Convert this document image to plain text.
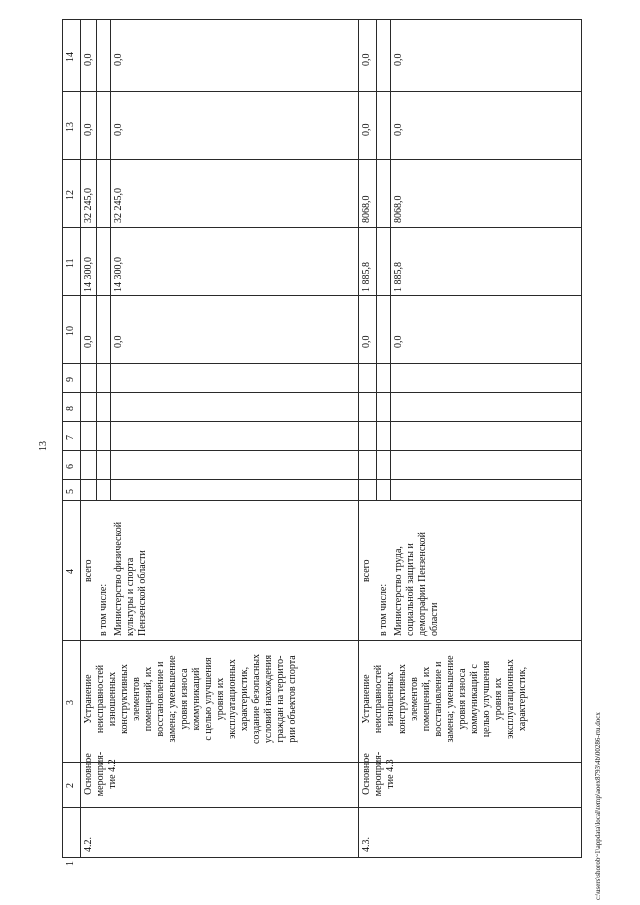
13
c:\users\shorob~1\appdata\local\temp\aoex8793\4b\00286-rtu.docx
1
2
3
4
5
6
7
8
9
10
11
12
13
14
всего
0,0
14 300,0
32 245,0
0,0
0,0
4.2.
Основное мероприя-тие 4.2
Устранение
неисправностей
изношенных
конструктивных
элементов
помещений, их
восстановление и
замена; уменьшение
уровня износа
коммуникаций
с целью улучшения
уровня их
эксплуатационных
характеристик,
создание безопасных
условий нахождения
граждан на террито-
рии объектов спорта
в том числе: Министерство физической культуры и спорта Пензенской области
0,0
14 300,0
32 245,0
0,0
0,0
4.3.
Основное мероприя-тие 4.3
Устранение
неисправностей
изношенных
конструктивных
элементов
помещений, их
восстановление и
замена; уменьшение
уровня износа
коммуникаций с
целью улучшения
уровня их
эксплуатационных
характеристик,
всего
0,0
1 885,8
8068,0
0,0
0,0
в том числе: Министерство труда, социальной защиты и демографии Пензенской области
0,0
1 885,8
8068,0
0,0
0,0
